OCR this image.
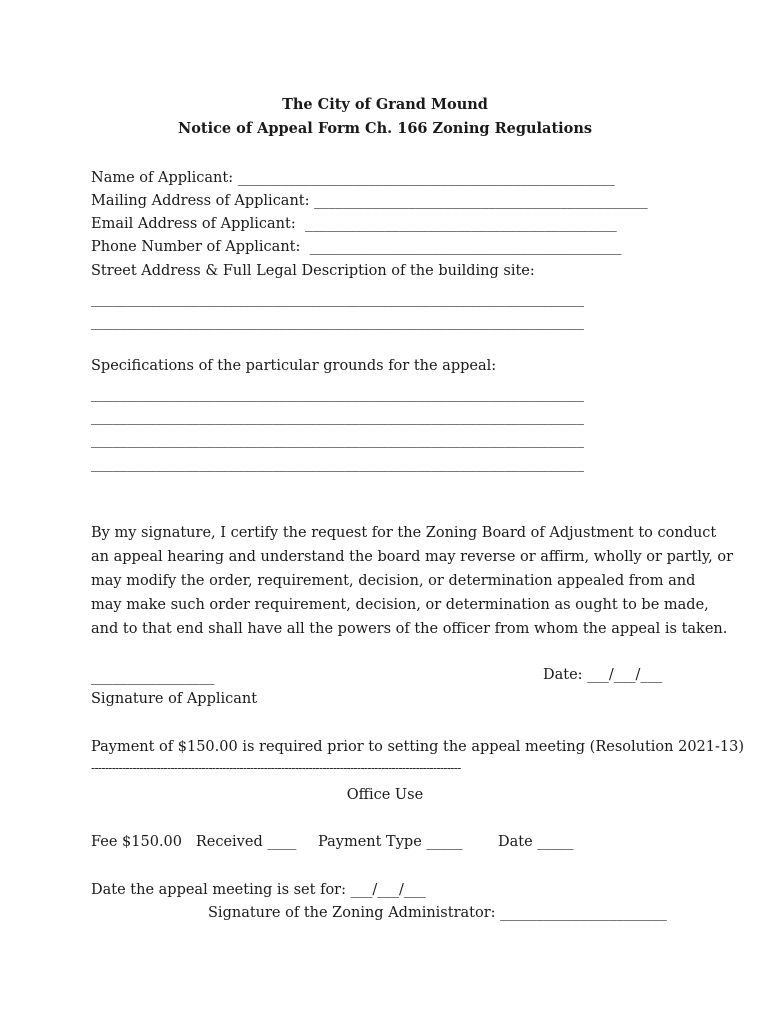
The City of Grand Mound
Notice of Appeal Form Ch. 166 Zoning Regulations
Name of Applicant: ____________________________________________________
Mailing Address of Applicant: ______________________________________________
Email Address of Applicant:  ___________________________________________
Phone Number of Applicant:  ___________________________________________
Street Address & Full Legal Description of the building site:
____________________________________________________________________
____________________________________________________________________
Specifications of the particular grounds for the appeal:
____________________________________________________________________
____________________________________________________________________
____________________________________________________________________
____________________________________________________________________
By my signature, I certify the request for the Zoning Board of Adjustment to conduct
an appeal hearing and understand the board may reverse or affirm, wholly or partly, or
may modify the order, requirement, decision, or determination appealed from and
may make such order requirement, decision, or determination as ought to be made,
and to that end shall have all the powers of the officer from whom the appeal is taken.
_________________	Date: ___/___/___
Signature of Applicant
Payment of $150.00 is required prior to setting the appeal meeting (Resolution 2021-13)
-----------------------------------------------------------------------------------------------------------
Office Use
Fee $150.00   Received ____ Payment Type _____ Date _____
Date the appeal meeting is set for: ___/___/___
Signature of the Zoning Administrator: _______________________
